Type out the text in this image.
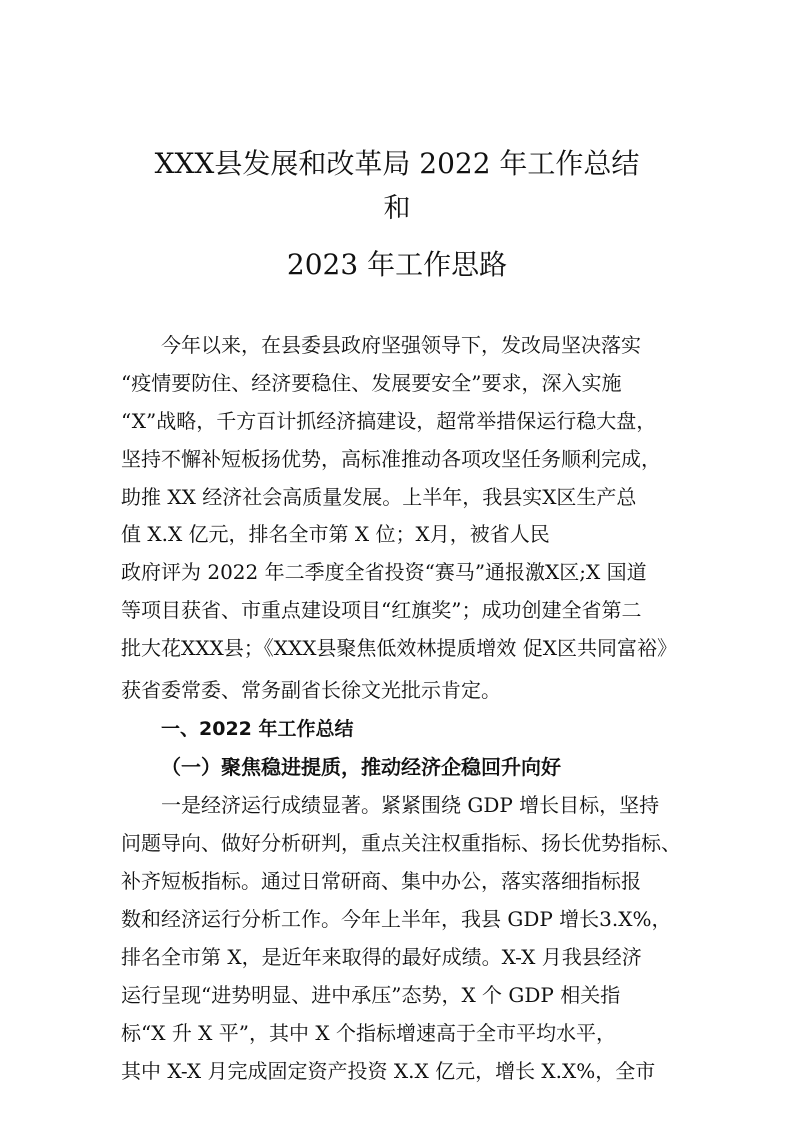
XXX县发展和改革局 2022 年工作总结
和
2023 年工作思路
今年以来，在县委县政府坚强领导下，发改局坚决落实
“疫情要防住、经济要稳住、发展要安全”要求，深入实施
“X”战略，千方百计抓经济搞建设，超常举措保运行稳大盘，
坚持不懈补短板扬优势，高标准推动各项攻坚任务顺利完成，
助推 XX 经济社会高质量发展。上半年，我县实X区生产总
值 X.X 亿元，排名全市第 X 位；X月，被省人民
政府评为 2022 年二季度全省投资“赛马”通报激X区;X 国道
等项目获省、市重点建设项目“红旗奖”；成功创建全省第二
批大花XXX县；《XXX县聚焦低效林提质增效 促X区共同富裕》
获省委常委、常务副省长徐文光批示肯定。
一、2022 年工作总结
（一）聚焦稳进提质，推动经济企稳回升向好
一是经济运行成绩显著。紧紧围绕 GDP 增长目标，坚持
问题导向、做好分析研判，重点关注权重指标、扬长优势指标、
补齐短板指标。通过日常研商、集中办公，落实落细指标报
数和经济运行分析工作。今年上半年，我县 GDP 增长3.X%，
排名全市第 X，是近年来取得的最好成绩。X-X 月我县经济
运行呈现“进势明显、进中承压”态势，X 个 GDP 相关指
标“X 升 X 平”，其中 X 个指标增速高于全市平均水平，
其中 X-X 月完成固定资产投资 X.X 亿元，增长 X.X%，全市
